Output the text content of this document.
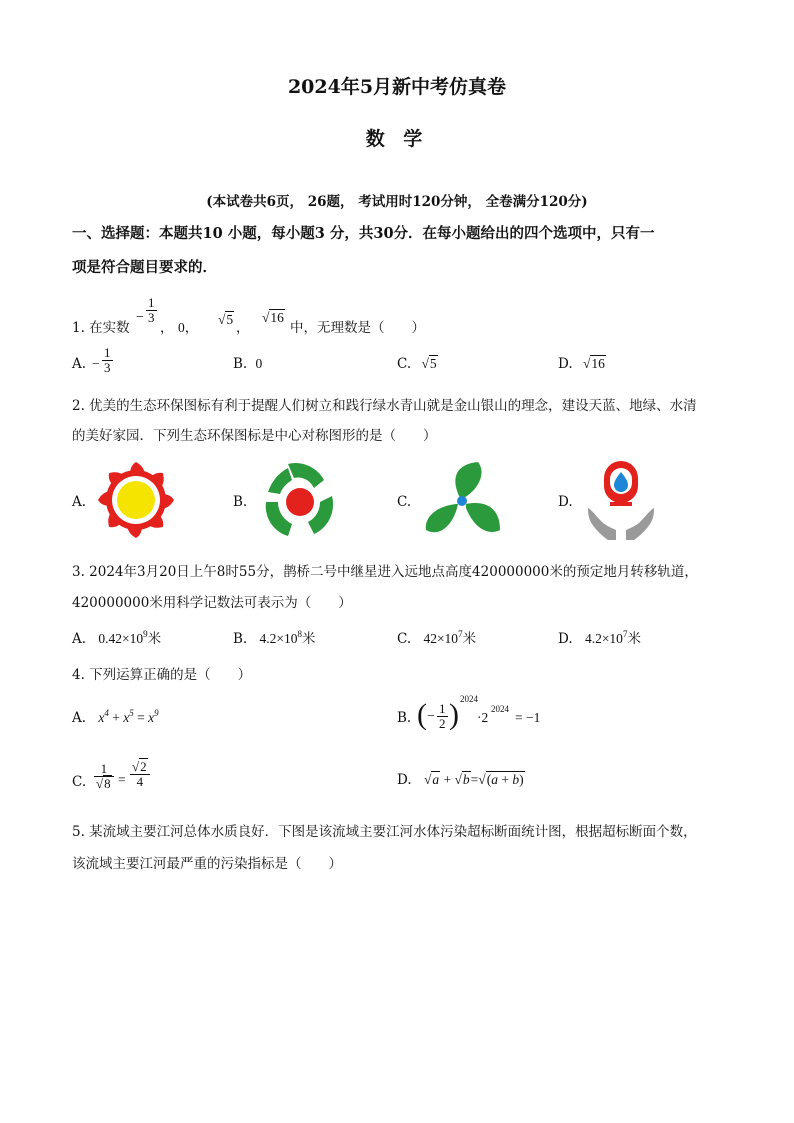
2024年5月新中考仿真卷
数 学
(本试卷共6页， 26题， 考试用时120分钟， 全卷满分120分)
一、选择题：本题共10 小题，每小题3 分，共30分．在每小题给出的四个选项中，只有一
项是符合题目要求的．
1. 在实数
− $\frac{1}{3}$
， 0，
√5
，
√16
中，无理数是（　　）
A. − $\frac{1}{3}$	B. 0	C. √5	D. √16
2. 优美的生态环保图标有利于提醒人们树立和践行绿水青山就是金山银山的理念，建设天蓝、地绿、水清
的美好家园．下列生态环保图标是中心对称图形的是（　　）
A.	B.	C.	D.
3. 2024年3月20日上午8时55分，鹊桥二号中继星进入远地点高度420000000米的预定地月转移轨道，
420000000米用科学记数法可表示为（　　）
A. $0.42\times 10^9$米	B. $4.2\times 10^8$米	C. $42\times 10^7$米	D. $4.2\times 10^7$米
4. 下列运算正确的是（　　）
A. $x^4 + x^5 = x^9$	B. ( − $\frac{1}{2}$ ) 2024
·2
2024
= −1
C. $\frac{1}{√8} = \frac{√2}{4}$	D. √a + √b=√(a + b)
5. 某流域主要江河总体水质良好．下图是该流域主要江河水体污染超标断面统计图，根据超标断面个数，
该流域主要江河最严重的污染指标是（　　）
